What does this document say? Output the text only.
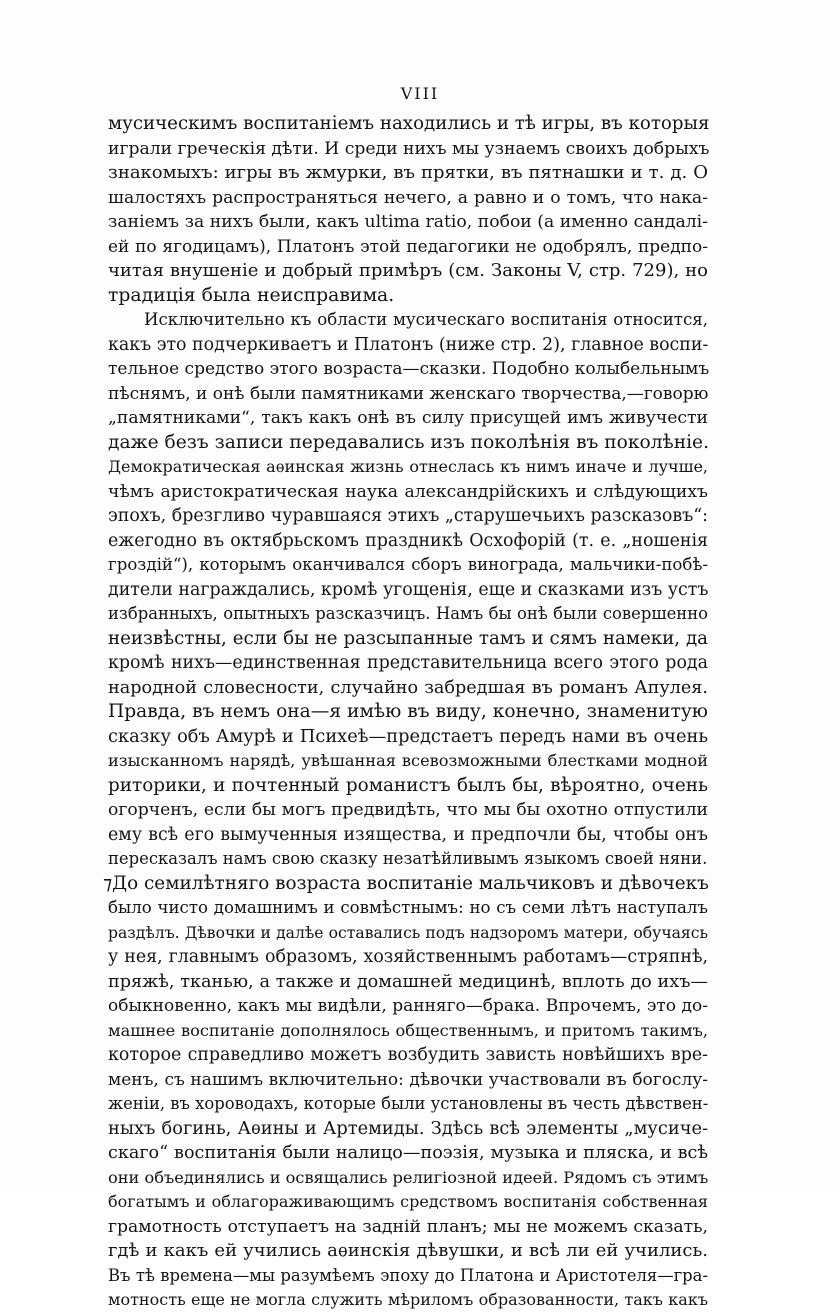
VIII
мусическимъ воспитаніемъ находились и тѣ игры, въ которыя
играли греческія дѣти. И среди нихъ мы узнаемъ своихъ добрыхъ
знакомыхъ: игры въ жмурки, въ прятки, въ пятнашки и т. д. О
шалостяхъ распространяться нечего, а равно и о томъ, что нака-
заніемъ за нихъ были, какъ ultima ratio, побои (а именно сандалі-
ей по ягодицамъ), Платонъ этой педагогики не одобрялъ, предпо-
читая внушеніе и добрый примѣръ (см. Законы V, стр. 729), но
традиція была неисправима.
Исключительно къ области мусическаго воспитанія относится,
какъ это подчеркиваетъ и Платонъ (ниже стр. 2), главное воспи-
тельное средство этого возраста—сказки. Подобно колыбельнымъ
пѣснямъ, и онѣ были памятниками женскаго творчества,—говорю
„памятниками“, такъ какъ онѣ въ силу присущей имъ живучести
даже безъ записи передавались изъ поколѣнія въ поколѣніе.
Демократическая аѳинская жизнь отнеслась къ нимъ иначе и лучше,
чѣмъ аристократическая наука александрійскихъ и слѣдующихъ
эпохъ, брезгливо чуравшаяся этихъ „старушечьихъ разсказовъ“:
ежегодно въ октябрьскомъ праздникѣ Осхофорій (т. е. „ношенія
гроздій“), которымъ оканчивался сборъ винограда, мальчики-побѣ-
дители награждались, кромѣ угощенія, еще и сказками изъ устъ
избранныхъ, опытныхъ разсказчицъ. Намъ бы онѣ были совершенно
неизвѣстны, если бы не разсыпанные тамъ и сямъ намеки, да
кромѣ нихъ—единственная представительница всего этого рода
народной словесности, случайно забредшая въ романъ Апулея.
Правда, въ немъ она—я имѣю въ виду, конечно, знаменитую
сказку объ Амурѣ и Психеѣ—предстаетъ передъ нами въ очень
изысканномъ нарядѣ, увѣшанная всевозможными блестками модной
риторики, и почтенный романистъ былъ бы, вѣроятно, очень
огорченъ, если бы могъ предвидѣть, что мы бы охотно отпустили
ему всѣ его вымученныя изящества, и предпочли бы, чтобы онъ
пересказалъ намъ свою сказку незатѣйливымъ языкомъ своей няни.
⁊До семилѣтняго возраста воспитаніе мальчиковъ и дѣвочекъ
было чисто домашнимъ и совмѣстнымъ: но съ семи лѣтъ наступалъ
раздѣлъ. Дѣвочки и далѣе оставались подъ надзоромъ матери, обучаясь
у нея, главнымъ образомъ, хозяйственнымъ работамъ—стряпнѣ,
пряжѣ, тканью, а также и домашней медицинѣ, вплоть до ихъ—
обыкновенно, какъ мы видѣли, ранняго—брака. Впрочемъ, это до-
машнее воспитаніе дополнялось общественнымъ, и притомъ такимъ,
которое справедливо можетъ возбудить зависть новѣйшихъ вре-
менъ, съ нашимъ включительно: дѣвочки участвовали въ богослу-
женіи, въ хороводахъ, которые были установлены въ честь дѣвствен-
ныхъ богинь, Аѳины и Артемиды. Здѣсь всѣ элементы „мусиче-
скаго“ воспитанія были налицо—поэзія, музыка и пляска, и всѣ
они объединялись и освящались религіозной идеей. Рядомъ съ этимъ
богатымъ и облагораживающимъ средствомъ воспитанія собственная
грамотность отступаетъ на задній планъ; мы не можемъ сказать,
гдѣ и какъ ей учились аѳинскія дѣвушки, и всѣ ли ей учились.
Въ тѣ времена—мы разумѣемъ эпоху до Платона и Аристотеля—гра-
мотность еще не могла служить мѣриломъ образованности, такъ какъ
